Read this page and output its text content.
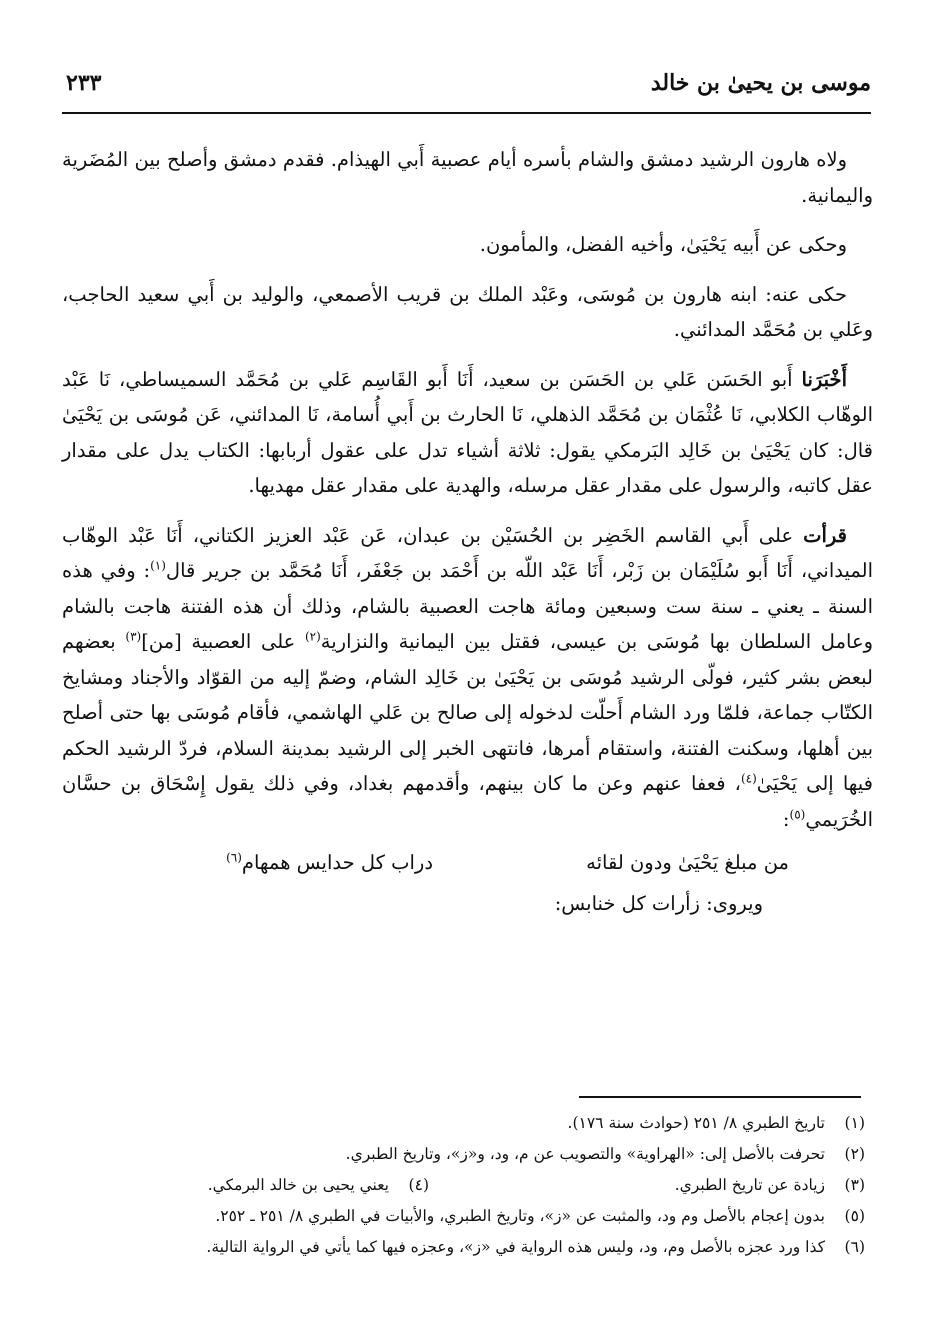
موسى بن يحيىٰ بن خالد
٢٣٣

ولاه هارون الرشيد دمشق والشام بأسره أيام عصبية أَبي الهيذام. فقدم دمشق وأصلح بين المُضَرية واليمانية.

وحكى عن أَبيه يَحْيَىٰ، وأخيه الفضل، والمأمون.

حكى عنه: ابنه هارون بن مُوسَى، وعَبْد الملك بن قريب الأصمعي، والوليد بن أَبي سعيد الحاجب، وعَلي بن مُحَمَّد المدائني.

أَخْبَرَنا أَبو الحَسَن عَلي بن الحَسَن بن سعيد، أَنَا أَبو القَاسِم عَلي بن مُحَمَّد السميساطي، نَا عَبْد الوهّاب الكلابي، نَا عُثْمَان بن مُحَمَّد الذهلي، نَا الحارث بن أَبي أُسامة، نَا المدائني، عَن مُوسَى بن يَحْيَىٰ قال: كان يَحْيَىٰ بن خَالِد البَرمكي يقول: ثلاثة أشياء تدل على عقول أربابها: الكتاب يدل على مقدار عقل كاتبه، والرسول على مقدار عقل مرسله، والهدية على مقدار عقل مهديها.

قرأت على أَبي القاسم الخَضِر بن الحُسَيْن بن عبدان، عَن عَبْد العزيز الكتاني، أَنَا عَبْد الوهّاب الميداني، أَنَا أَبو سُلَيْمَان بن زَبْر، أَنَا عَبْد اللّه بن أَحْمَد بن جَعْفَر، أَنَا مُحَمَّد بن جرير قال$^{(١)}$: وفي هذه السنة ـ يعني ـ سنة ست وسبعين ومائة هاجت العصبية بالشام، وذلك أن هذه الفتنة هاجت بالشام وعامل السلطان بها مُوسَى بن عيسى، فقتل بين اليمانية والنزارية$^{(٢)}$ على العصبية [من]$^{(٣)}$ بعضهم لبعض بشر كثير، فولّى الرشيد مُوسَى بن يَحْيَىٰ بن خَالِد الشام، وضمّ إليه من القوّاد والأجناد ومشايخ الكتّاب جماعة، فلمّا ورد الشام أَحلّت لدخوله إلى صالح بن عَلي الهاشمي، فأقام مُوسَى بها حتى أصلح بين أهلها، وسكنت الفتنة، واستقام أمرها، فانتهى الخبر إلى الرشيد بمدينة السلام، فردّ الرشيد الحكم فيها إلى يَحْيَىٰ$^{(٤)}$، فعفا عنهم وعن ما كان بينهم، وأقدمهم بغداد، وفي ذلك يقول إِسْحَاق بن حسَّان الخُرَيمي$^{(٥)}$:

من مبلغ يَحْيَىٰ ودون لقائه
دراب كل حدايس همهام$^{(٦)}$

ويروى: زأرات كل خنابس:

(١)تاريخ الطبري ٨/ ٢٥١ (حوادث سنة ١٧٦).
(٢)تحرفت بالأصل إلى: «الهراوية» والتصويب عن م، ود، و«ز»، وتاريخ الطبري.
(٣)زيادة عن تاريخ الطبري.
(٤)يعني يحيى بن خالد البرمكي.
(٥)بدون إعجام بالأصل وم ود، والمثبت عن «ز»، وتاريخ الطبري، والأبيات في الطبري ٨/ ٢٥١ ـ ٢٥٢.
(٦)كذا ورد عجزه بالأصل وم، ود، وليس هذه الرواية في «ز»، وعجزه فيها كما يأتي في الرواية التالية.
